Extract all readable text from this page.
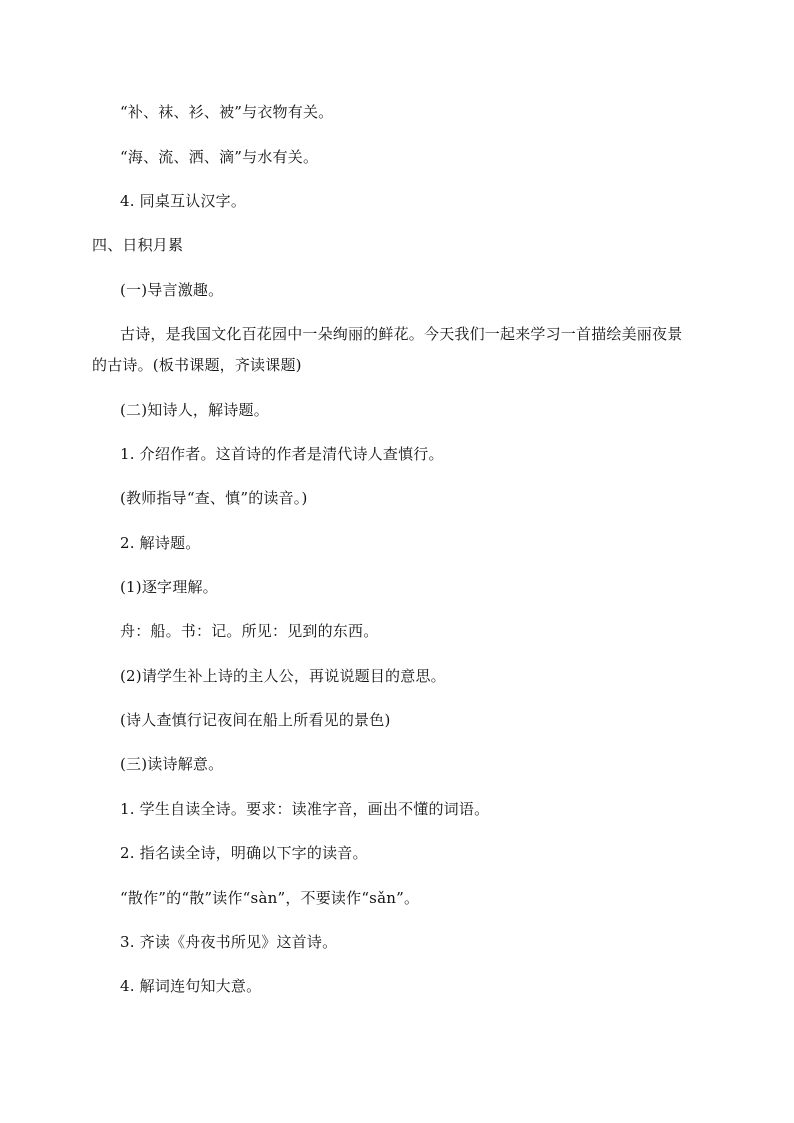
“补、袜、衫、被”与衣物有关。
“海、流、洒、滴”与水有关。
4. 同桌互认汉字。
四、日积月累
(一)导言激趣。
古诗，是我国文化百花园中一朵绚丽的鲜花。今天我们一起来学习一首描绘美丽夜景
的古诗。(板书课题，齐读课题)
(二)知诗人，解诗题。
1. 介绍作者。这首诗的作者是清代诗人查慎行。
(教师指导“查、慎”的读音。)
2. 解诗题。
(1)逐字理解。
舟：船。书：记。所见：见到的东西。
(2)请学生补上诗的主人公，再说说题目的意思。
(诗人查慎行记夜间在船上所看见的景色)
(三)读诗解意。
1. 学生自读全诗。要求：读准字音，画出不懂的词语。
2. 指名读全诗，明确以下字的读音。
“散作”的“散”读作“sàn”，不要读作“sǎn”。
3. 齐读《舟夜书所见》这首诗。
4. 解词连句知大意。
